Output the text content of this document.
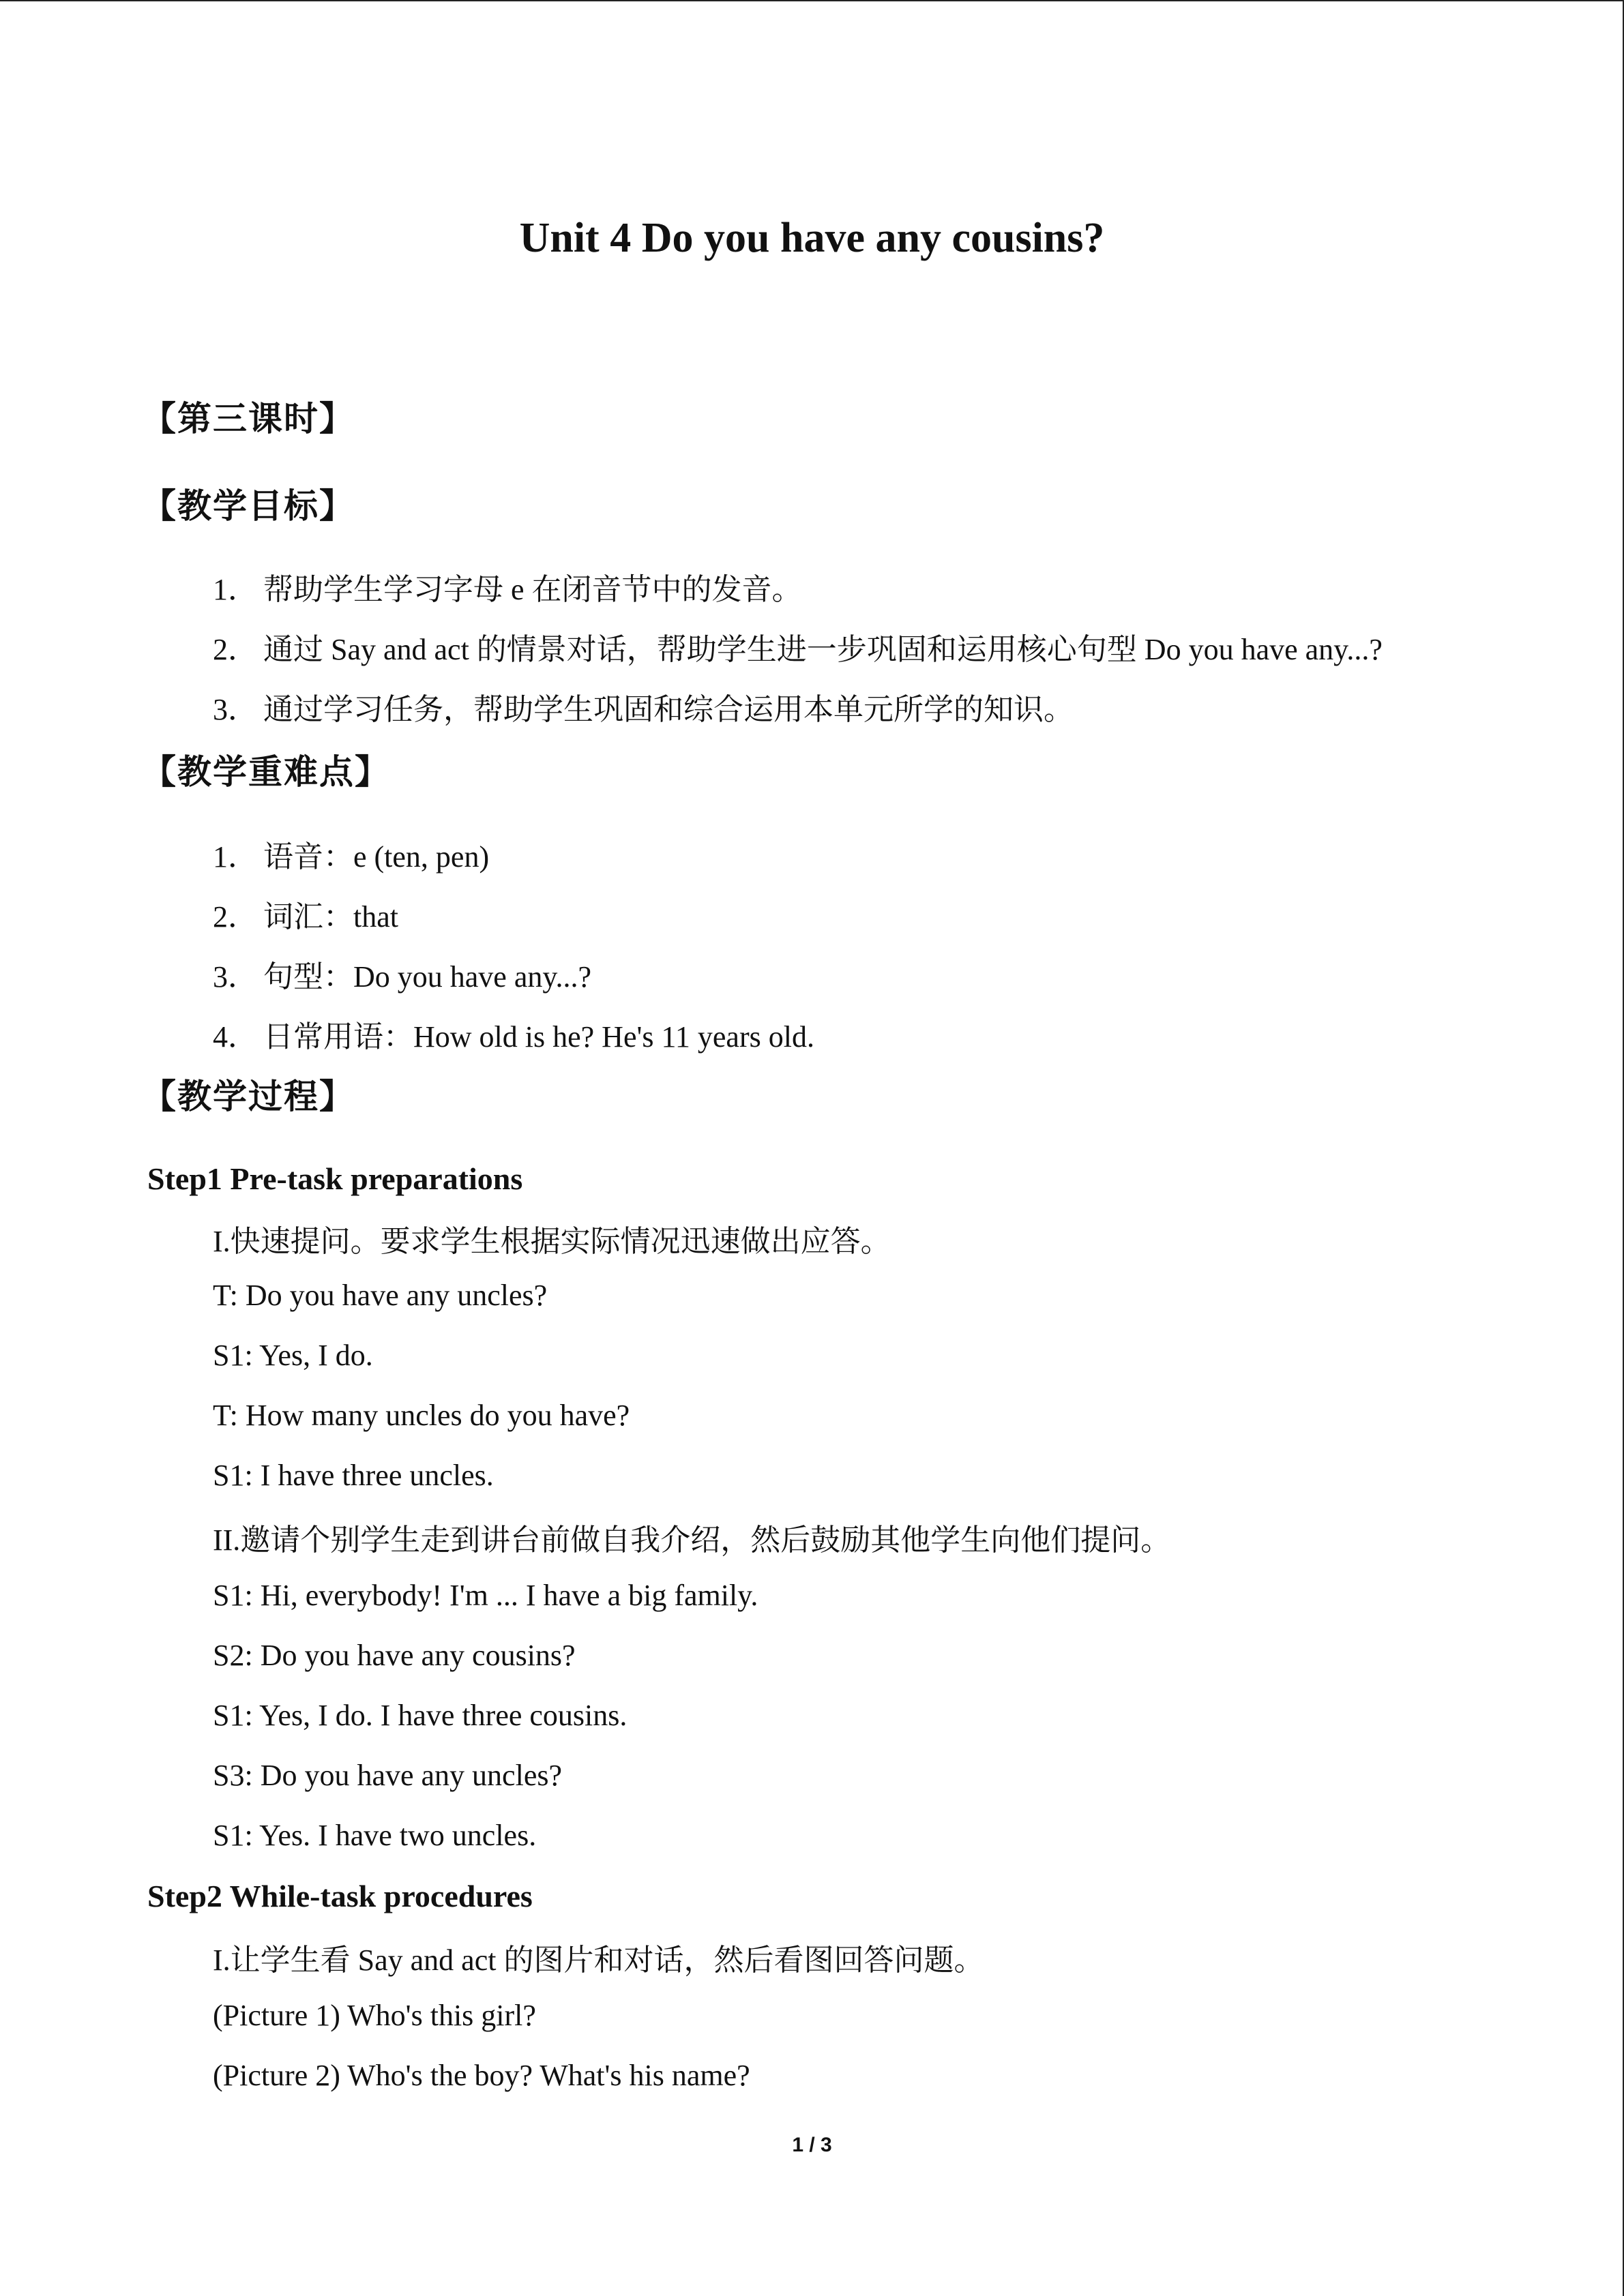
Unit 4 Do you have any cousins?
【第三课时】
【教学目标】

1． 帮助学生学习字母 e 在闭音节中的发音。

2． 通过 Say and act 的情景对话，帮助学生进一步巩固和运用核心句型 Do you have any...?

3． 通过学习任务，帮助学生巩固和综合运用本单元所学的知识。

【教学重难点】

1． 语音：e (ten, pen)

2． 词汇：that

3． 句型：Do you have any...?

4． 日常用语：How old is he? He's 11 years old.

【教学过程】

Step1 Pre-task preparations

I.快速提问。要求学生根据实际情况迅速做出应答。

T: Do you have any uncles?

S1: Yes, I do.

T: How many uncles do you have?

S1: I have three uncles.

II.邀请个别学生走到讲台前做自我介绍，然后鼓励其他学生向他们提问。

S1: Hi, everybody! I'm ... I have a big family.

S2: Do you have any cousins?

S1: Yes, I do. I have three cousins.

S3: Do you have any uncles?

S1: Yes. I have two uncles.

Step2 While-task procedures

I.让学生看 Say and act 的图片和对话，然后看图回答问题。

(Picture 1) Who's this girl?

(Picture 2) Who's the boy? What's his name?

1 / 3
